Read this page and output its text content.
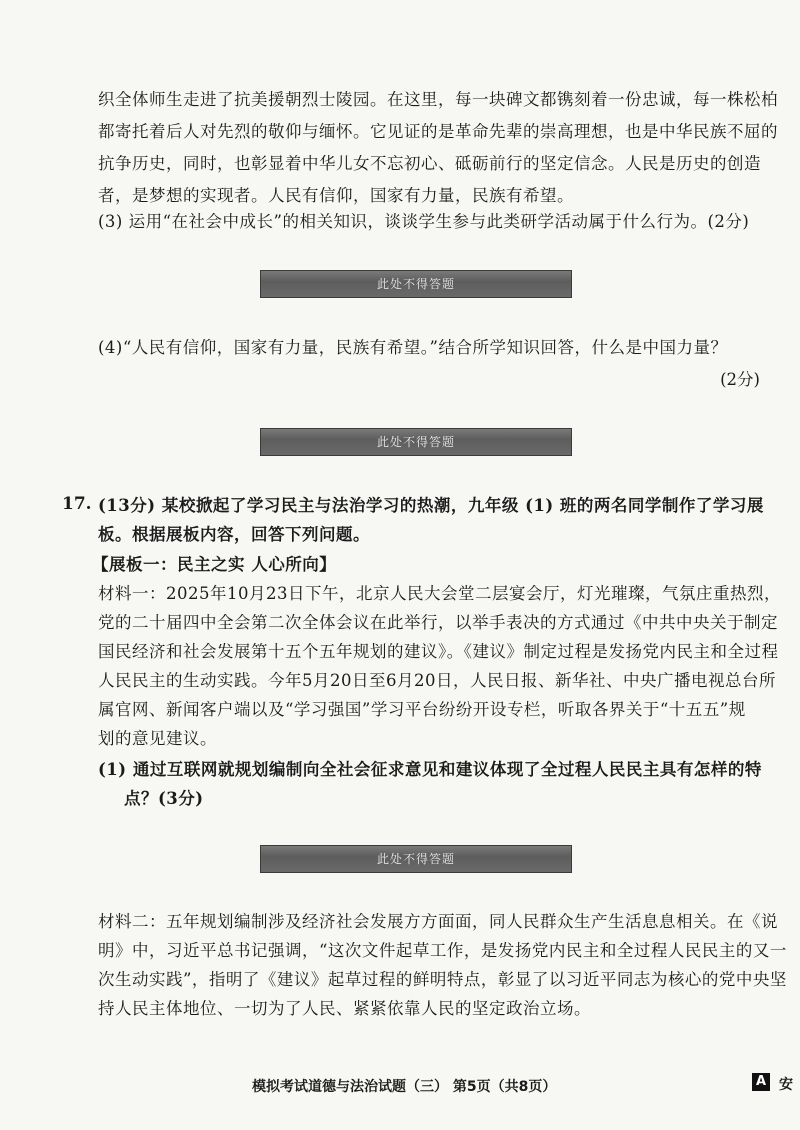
织全体师生走进了抗美援朝烈士陵园。在这里，每一块碑文都镌刻着一份忠诚，每一株松柏
都寄托着后人对先烈的敬仰与缅怀。它见证的是革命先辈的崇高理想，也是中华民族不屈的
抗争历史，同时，也彰显着中华儿女不忘初心、砥砺前行的坚定信念。人民是历史的创造
者，是梦想的实现者。人民有信仰，国家有力量，民族有希望。
(3) 运用“在社会中成长”的相关知识，谈谈学生参与此类研学活动属于什么行为。(2分)
此处不得答题
(4)“人民有信仰，国家有力量，民族有希望。”结合所学知识回答，什么是中国力量？
(2分)
此处不得答题
17. (13分) 某校掀起了学习民主与法治学习的热潮，九年级 (1) 班的两名同学制作了学习展
板。根据展板内容，回答下列问题。
【展板一：民主之实 人心所向】
材料一：2025年10月23日下午，北京人民大会堂二层宴会厅，灯光璀璨，气氛庄重热烈，
党的二十届四中全会第二次全体会议在此举行，以举手表决的方式通过《中共中央关于制定
国民经济和社会发展第十五个五年规划的建议》。《建议》制定过程是发扬党内民主和全过程
人民民主的生动实践。今年5月20日至6月20日，人民日报、新华社、中央广播电视总台所
属官网、新闻客户端以及“学习强国”学习平台纷纷开设专栏，听取各界关于“十五五”规
划的意见建议。
(1) 通过互联网就规划编制向全社会征求意见和建议体现了全过程人民民主具有怎样的特
点？(3分)
此处不得答题
材料二：五年规划编制涉及经济社会发展方方面面，同人民群众生产生活息息相关。在《说
明》中，习近平总书记强调，“这次文件起草工作，是发扬党内民主和全过程人民民主的又一
次生动实践”，指明了《建议》起草过程的鲜明特点，彰显了以习近平同志为核心的党中央坚
持人民主体地位、一切为了人民、紧紧依靠人民的坚定政治立场。
模拟考试道德与法治试题（三） 第5页（共8页）	A 安
